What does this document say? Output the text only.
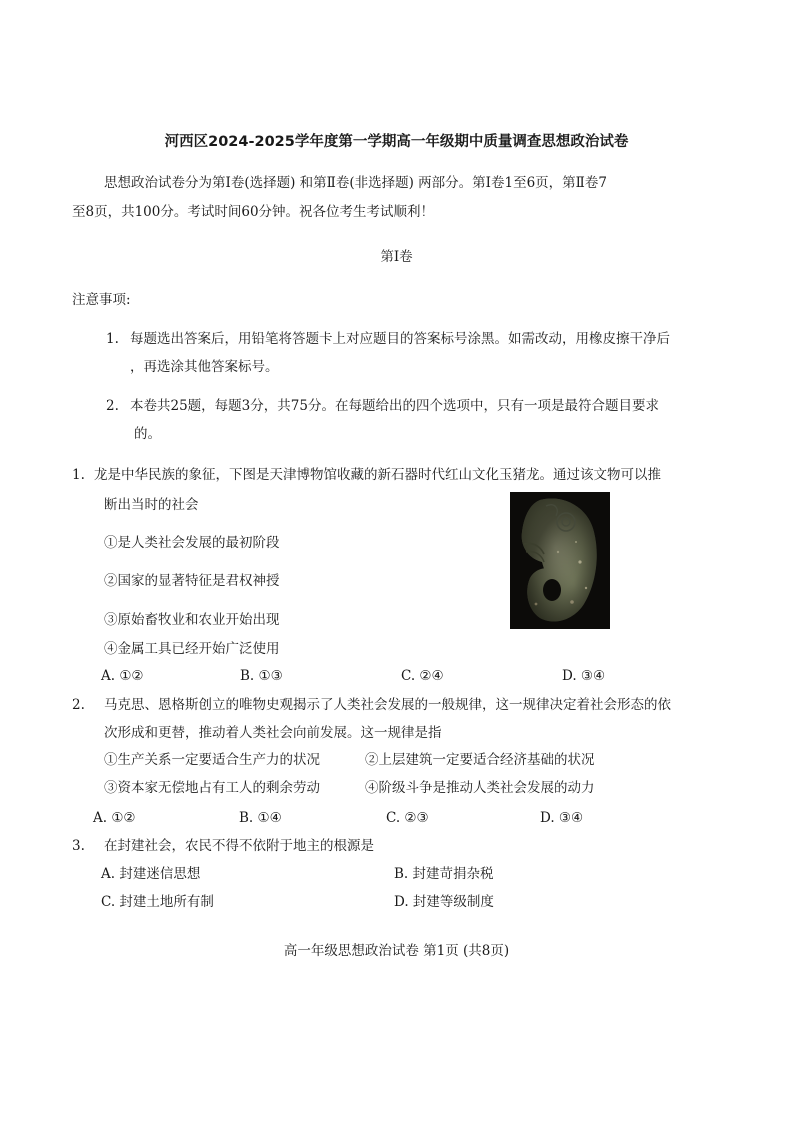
河西区2024-2025学年度第一学期高一年级期中质量调查思想政治试卷
思想政治试卷分为第Ⅰ卷(选择题) 和第Ⅱ卷(非选择题) 两部分。第Ⅰ卷1至6页，第Ⅱ卷7
至8页，共100分。考试时间60分钟。祝各位考生考试顺利！
第Ⅰ卷
注意事项:
1. 每题选出答案后，用铅笔将答题卡上对应题目的答案标号涂黑。如需改动，用橡皮擦干净后
，再选涂其他答案标号。
2. 本卷共25题，每题3分，共75分。在每题给出的四个选项中，只有一项是最符合题目要求
的。
1. 龙是中华民族的象征，下图是天津博物馆收藏的新石器时代红山文化玉猪龙。通过该文物可以推
断出当时的社会
①是人类社会发展的最初阶段
②国家的显著特征是君权神授
③原始畜牧业和农业开始出现
④金属工具已经开始广泛使用
A. ①②	B. ①③	C. ②④	D. ③④
2. 马克思、恩格斯创立的唯物史观揭示了人类社会发展的一般规律，这一规律决定着社会形态的依
次形成和更替，推动着人类社会向前发展。这一规律是指
①生产关系一定要适合生产力的状况	②上层建筑一定要适合经济基础的状况
③资本家无偿地占有工人的剩余劳动	④阶级斗争是推动人类社会发展的动力
A. ①②	B. ①④	C. ②③	D. ③④
3. 在封建社会，农民不得不依附于地主的根源是
A. 封建迷信思想	B. 封建苛捐杂税
C. 封建土地所有制	D. 封建等级制度
高一年级思想政治试卷 第1页 (共8页)
